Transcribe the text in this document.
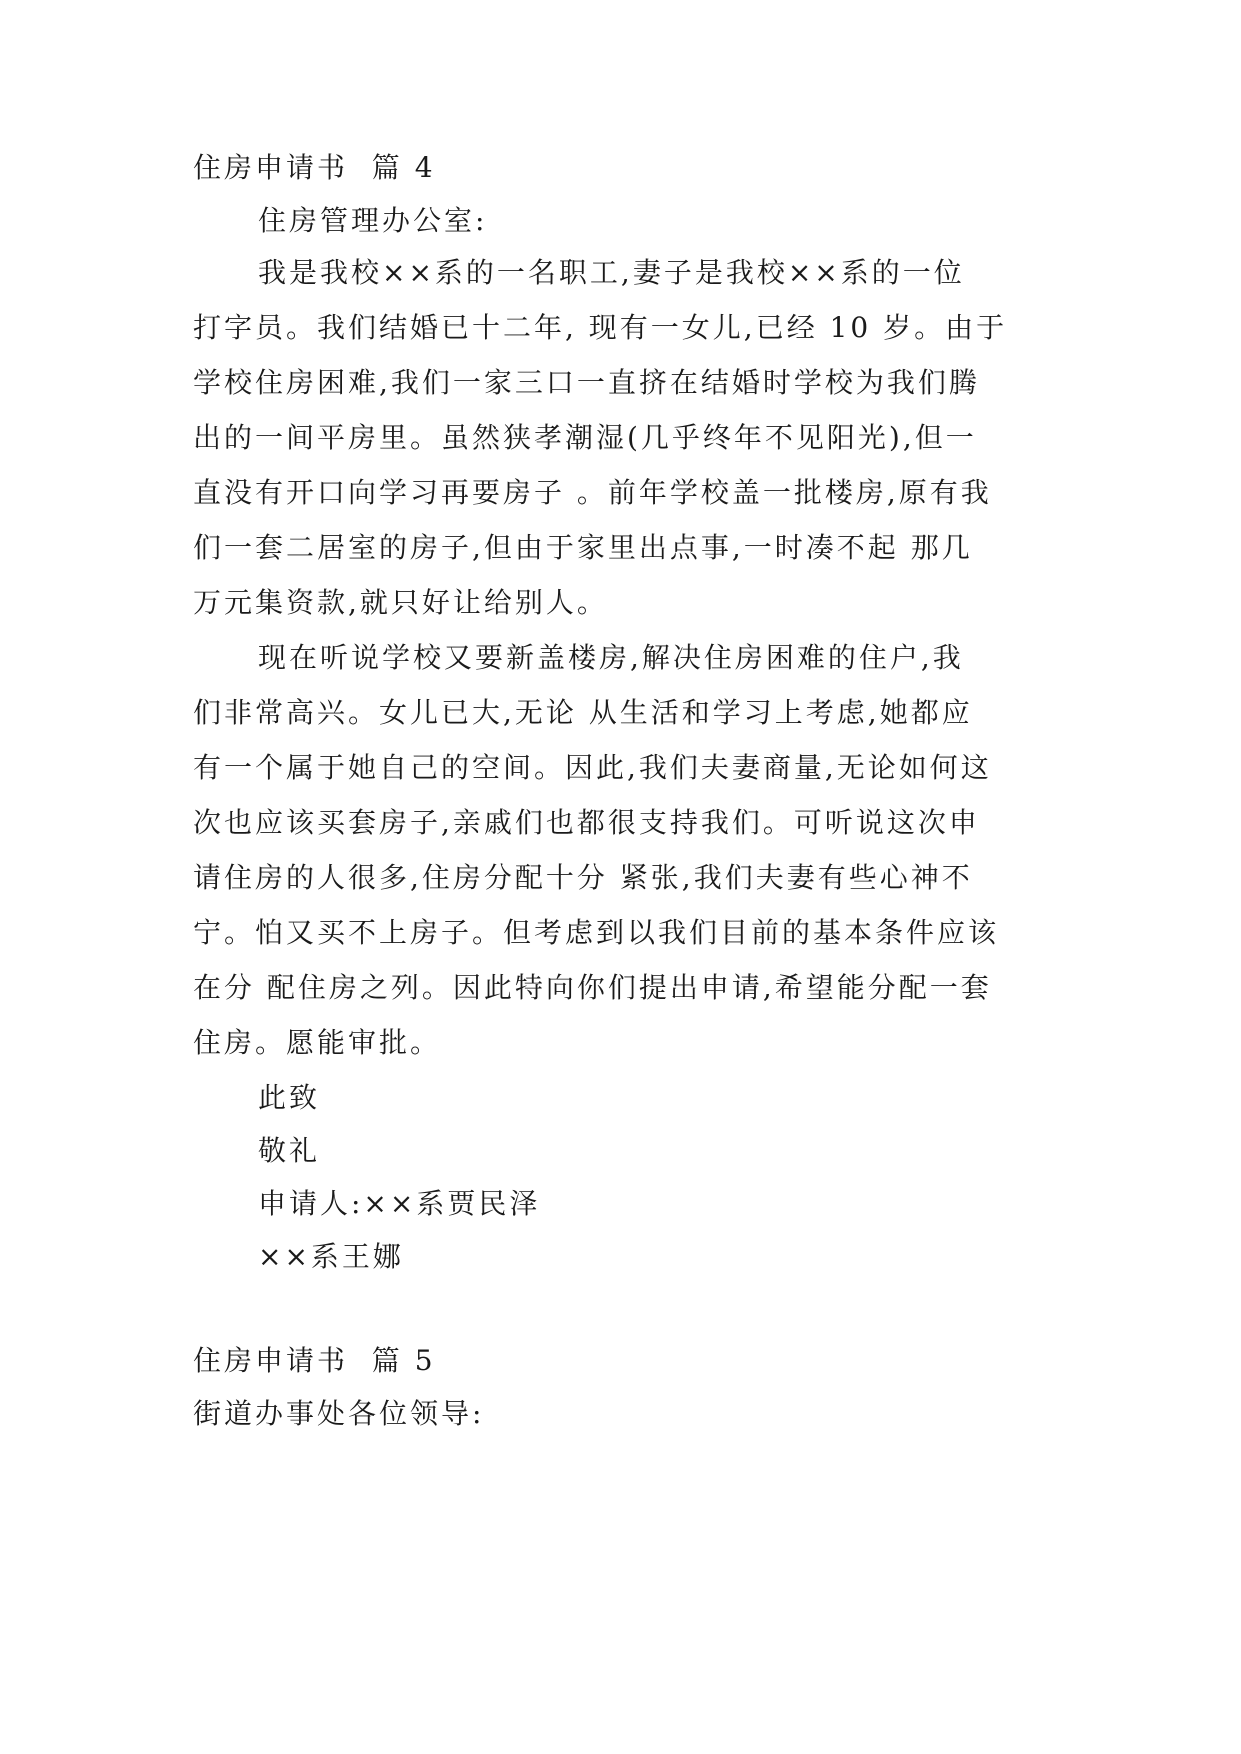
住房申请书  篇 4
住房管理办公室:
我是我校××系的一名职工,妻子是我校××系的一位
打字员。我们结婚已十二年, 现有一女儿,已经 10 岁。由于
学校住房困难,我们一家三口一直挤在结婚时学校为我们腾
出的一间平房里。虽然狭孝潮湿(几乎终年不见阳光),但一
直没有开口向学习再要房子 。前年学校盖一批楼房,原有我
们一套二居室的房子,但由于家里出点事,一时凑不起 那几
万元集资款,就只好让给别人。
现在听说学校又要新盖楼房,解决住房困难的住户,我
们非常高兴。女儿已大,无论 从生活和学习上考虑,她都应
有一个属于她自己的空间。因此,我们夫妻商量,无论如何这
次也应该买套房子,亲戚们也都很支持我们。可听说这次申
请住房的人很多,住房分配十分 紧张,我们夫妻有些心神不
宁。怕又买不上房子。但考虑到以我们目前的基本条件应该
在分 配住房之列。因此特向你们提出申请,希望能分配一套
住房。愿能审批。
此致
敬礼
申请人:××系贾民泽
××系王娜
住房申请书  篇 5
街道办事处各位领导:
